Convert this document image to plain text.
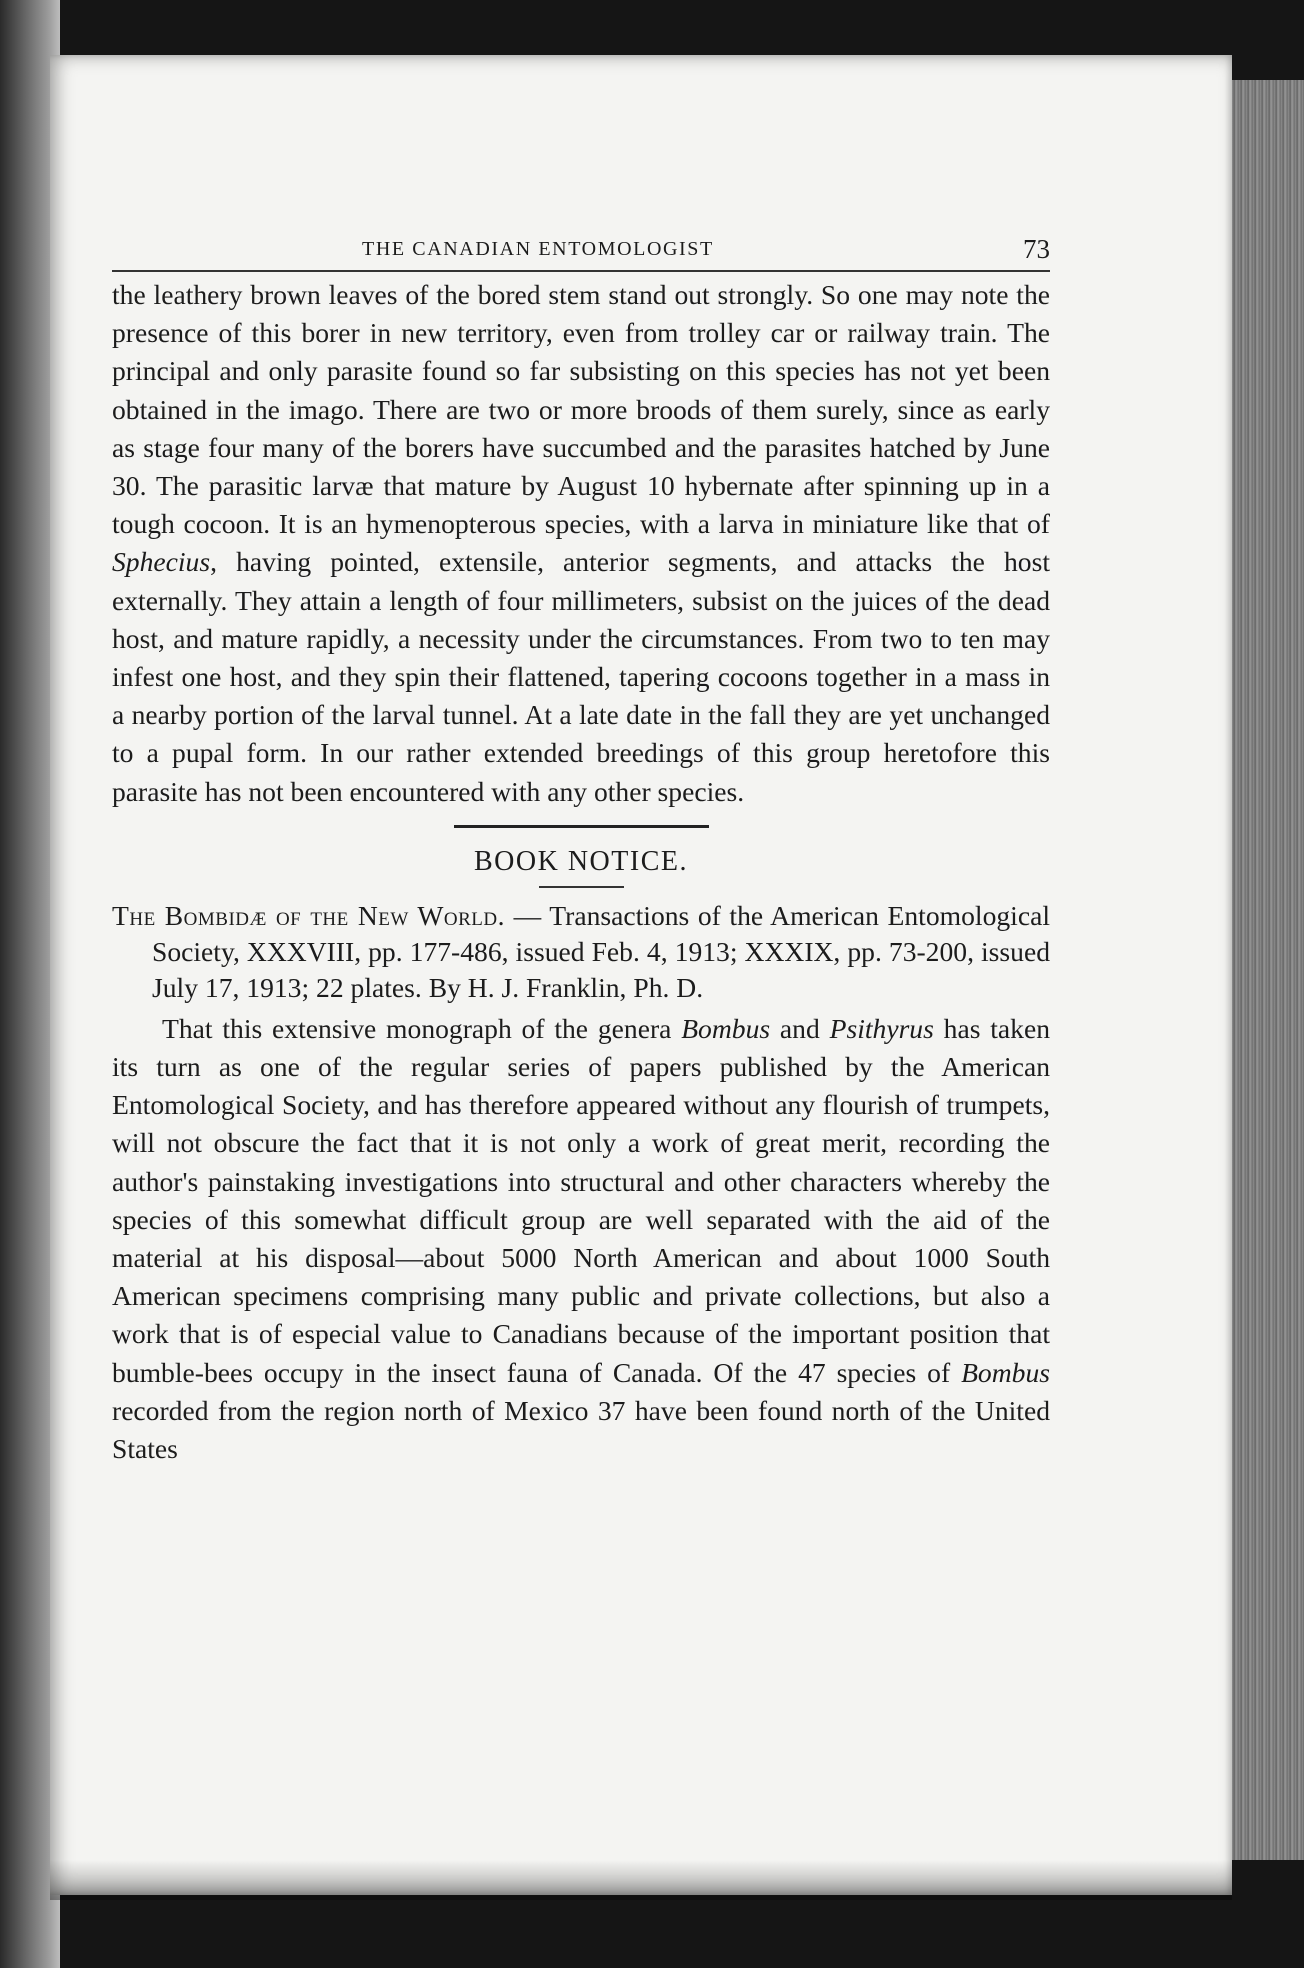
THE CANADIAN ENTOMOLOGIST	73

the leathery brown leaves of the bored stem stand out strongly. So one may note the presence of this borer in new territory, even from trolley car or railway train. The principal and only parasite found so far subsisting on this species has not yet been obtained in the imago. There are two or more broods of them surely, since as early as stage four many of the borers have succumbed and the parasites hatched by June 30. The parasitic larvæ that mature by August 10 hybernate after spinning up in a tough cocoon. It is an hymenopterous species, with a larva in miniature like that of Sphecius, having pointed, extensile, anterior segments, and attacks the host externally. They attain a length of four millimeters, subsist on the juices of the dead host, and mature rapidly, a necessity under the circumstances. From two to ten may infest one host, and they spin their flattened, tapering cocoons together in a mass in a nearby portion of the larval tunnel. At a late date in the fall they are yet unchanged to a pupal form. In our rather extended breedings of this group heretofore this parasite has not been encountered with any other species.

BOOK NOTICE.

The Bombidæ of the New World. — Transactions of the American Entomological Society, XXXVIII, pp. 177-486, issued Feb. 4, 1913; XXXIX, pp. 73-200, issued July 17, 1913; 22 plates. By H. J. Franklin, Ph. D.

That this extensive monograph of the genera Bombus and Psithyrus has taken its turn as one of the regular series of papers published by the American Entomological Society, and has therefore appeared without any flourish of trumpets, will not obscure the fact that it is not only a work of great merit, recording the author's painstaking investigations into structural and other characters whereby the species of this somewhat difficult group are well separated with the aid of the material at his disposal—about 5000 North American and about 1000 South American specimens comprising many public and private collections, but also a work that is of especial value to Canadians because of the important position that bumble-bees occupy in the insect fauna of Canada. Of the 47 species of Bombus recorded from the region north of Mexico 37 have been found north of the United States
